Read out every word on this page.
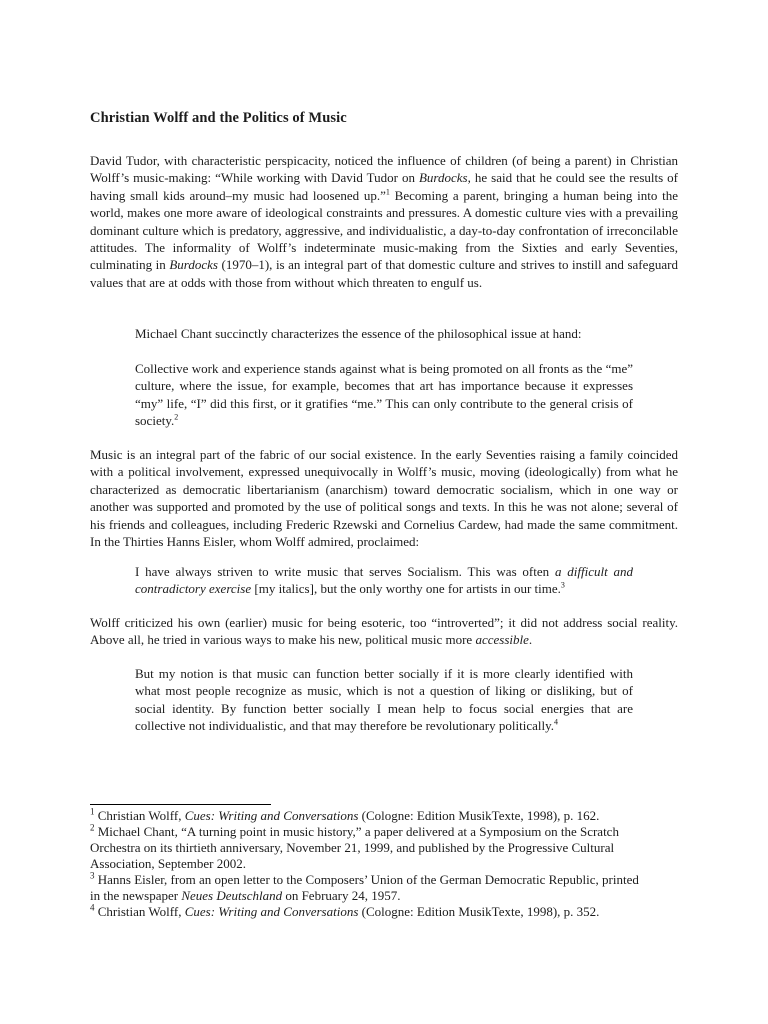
Christian Wolff and the Politics of Music

David Tudor, with characteristic perspicacity, noticed the influence of children (of being a parent) in Christian Wolff’s music-making: “While working with David Tudor on Burdocks, he said that he could see the results of having small kids around–my music had loosened up.”$^1$ Becoming a parent, bringing a human being into the world, makes one more aware of ideological constraints and pressures. A domestic culture vies with a prevailing dominant culture which is predatory, aggressive, and individualistic, a day-to-day confrontation of irreconcilable attitudes. The informality of Wolff’s indeterminate music-making from the Sixties and early Seventies, culminating in Burdocks (1970–1), is an integral part of that domestic culture and strives to instill and safeguard values that are at odds with those from without which threaten to engulf us.

Michael Chant succinctly characterizes the essence of the philosophical issue at hand:

Collective work and experience stands against what is being promoted on all fronts as the “me” culture, where the issue, for example, becomes that art has importance because it expresses “my” life, “I” did this first, or it gratifies “me.” This can only contribute to the general crisis of society.$^2$

Music is an integral part of the fabric of our social existence. In the early Seventies raising a family coincided with a political involvement, expressed unequivocally in Wolff’s music, moving (ideologically) from what he characterized as democratic libertarianism (anarchism) toward democratic socialism, which in one way or another was supported and promoted by the use of political songs and texts. In this he was not alone; several of his friends and colleagues, including Frederic Rzewski and Cornelius Cardew, had made the same commitment. In the Thirties Hanns Eisler, whom Wolff admired, proclaimed:

I have always striven to write music that serves Socialism. This was often a difficult and contradictory exercise [my italics], but the only worthy one for artists in our time.$^3$

Wolff criticized his own (earlier) music for being esoteric, too “introverted”; it did not address social reality. Above all, he tried in various ways to make his new, political music more accessible.

But my notion is that music can function better socially if it is more clearly identified with what most people recognize as music, which is not a question of liking or disliking, but of social identity. By function better socially I mean help to focus social energies that are collective not individualistic, and that may therefore be revolutionary politically.$^4$

$^1$ Christian Wolff, Cues: Writing and Conversations (Cologne: Edition MusikTexte, 1998), p. 162.

$^2$ Michael Chant, “A turning point in music history,” a paper delivered at a Symposium on the Scratch Orchestra on its thirtieth anniversary, November 21, 1999, and published by the Progressive Cultural Association, September 2002.

$^3$ Hanns Eisler, from an open letter to the Composers’ Union of the German Democratic Republic, printed in the newspaper Neues Deutschland on February 24, 1957.

$^4$ Christian Wolff, Cues: Writing and Conversations (Cologne: Edition MusikTexte, 1998), p. 352.
